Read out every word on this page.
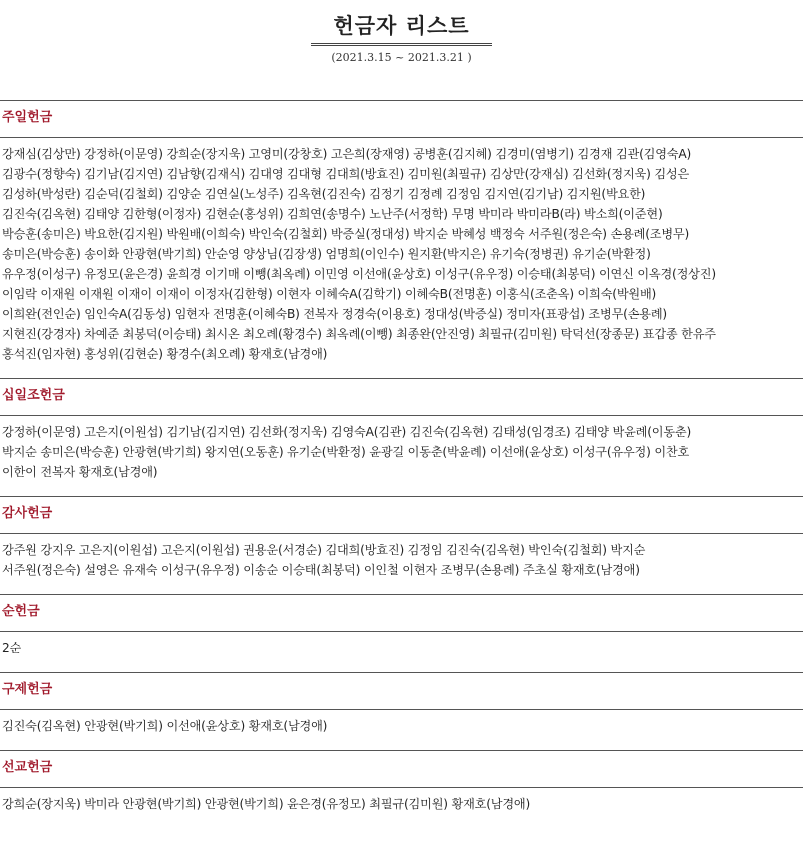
헌금자 리스트
(2021.3.15 ~ 2021.3.21 )
주일헌금
강재심(김상만) 강정하(이문영) 강희순(장지욱) 고영미(강창호) 고은희(장재영) 공병훈(김지혜) 김경미(염병기) 김경재 김관(김영숙A)
김광수(정향숙) 김기남(김지연) 김남향(김재식) 김대영 김대형 김대희(방효진) 김미원(최필규) 김상만(강재심) 김선화(정지욱) 김성은
김성하(박성란) 김순덕(김철회) 김양순 김연실(노성주) 김옥현(김진숙) 김정기 김정례 김정임 김지연(김기남) 김지원(박요한)
김진숙(김옥현) 김태양 김한형(이정자) 김현순(홍성위) 김희연(송명수) 노난주(서정학) 무명 박미라 박미라B(라) 박소희(이준현)
박승훈(송미은) 박요한(김지원) 박원배(이희숙) 박인숙(김철회) 박증실(정대성) 박지순 박혜성 백정숙 서주원(정은숙) 손용례(조병무)
송미은(박승훈) 송이화 안광현(박기희) 안순영 양상님(김장생) 엄명희(이인수) 원지환(박지은) 유기숙(정병권) 유기순(박환정)
유우정(이성구) 유정모(윤은경) 윤희경 이기매 이뺑(최옥례) 이민영 이선애(윤상호) 이성구(유우정) 이승태(최봉덕) 이연신 이옥경(정상진)
이임락 이재원 이재원 이재이 이재이 이정자(김한형) 이현자 이혜숙A(김학기) 이혜숙B(전명훈) 이홍식(조춘옥) 이희숙(박원배)
이희완(전인순) 임인숙A(김동성) 임현자 전명훈(이혜숙B) 전복자 정경숙(이용호) 정대성(박증실) 정미자(표광섭) 조병무(손용례)
지현진(강경자) 차예준 최봉덕(이승태) 최시온 최오례(황경수) 최옥례(이뺑) 최종완(안진영) 최필규(김미원) 탁덕선(장종문) 표갑종 한유주
홍석진(임자현) 홍성위(김현순) 황경수(최오례) 황재호(남경애)
십일조헌금
강정하(이문영) 고은지(이원섭) 김기남(김지연) 김선화(정지욱) 김영숙A(김관) 김진숙(김옥현) 김태성(임경조) 김태양 박윤례(이동춘)
박지순 송미은(박승훈) 안광현(박기희) 왕지연(오동훈) 유기순(박환정) 윤광길 이동춘(박윤례) 이선애(윤상호) 이성구(유우정) 이찬호
이한이 전복자 황재호(남경애)
감사헌금
강주원 강지우 고은지(이원섭) 고은지(이원섭) 권용운(서경순) 김대희(방효진) 김정임 김진숙(김옥현) 박인숙(김철회) 박지순
서주원(정은숙) 설영은 유재숙 이성구(유우정) 이송순 이승태(최봉덕) 이인철 이현자 조병무(손용례) 주초실 황재호(남경애)
순헌금
2순
구제헌금
김진숙(김옥현) 안광현(박기희) 이선애(윤상호) 황재호(남경애)
선교헌금
강희순(장지욱) 박미라 안광현(박기희) 안광현(박기희) 윤은경(유정모) 최필규(김미원) 황재호(남경애)
